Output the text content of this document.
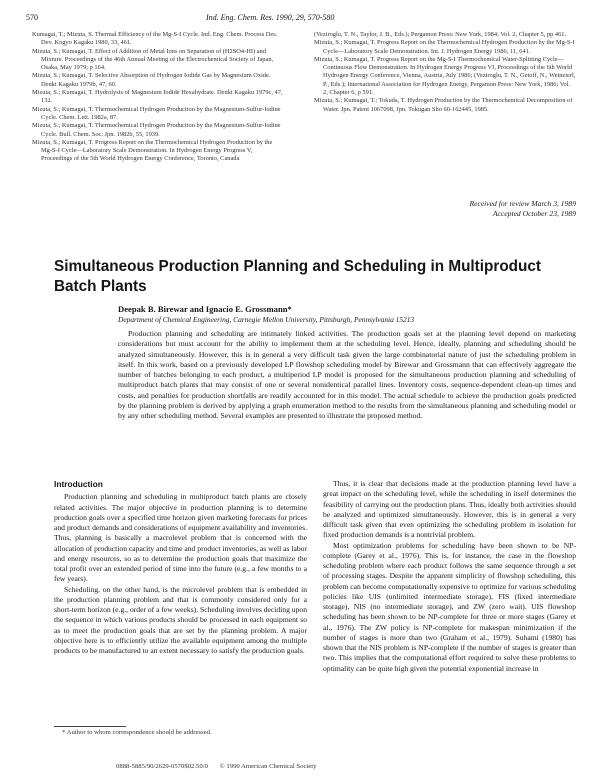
570	Ind. Eng. Chem. Res. 1990, 29, 570-580
Kumagai, T.; Mizuta, S. Thermal Efficiency of the Mg-S-I Cycle. Ind. Eng. Chem. Process Des. Dev. Kogyo Kagaku 1980, 33, 461.
Mizuta, S.; Kumagai, T. Effect of Addition of Metal Ions on Separation of (H2SO4-HI) and Mixture. Proceedings of the 46th Annual Meeting of the Electrochemical Society of Japan, Osaka, May 1979; p 164.
Mizuta, S.; Kumagai, T. Selective Absorption of Hydrogen Iodide Gas by Magnesium Oxide. Denki Kagaku 1979b, 47, 60.
Mizuta, S.; Kumagai, T. Hydrolysis of Magnesium Iodide Hexahydrate. Denki Kagaku 1979c, 47, 132.
Mizuta, S.; Kumagai, T. Thermochemical Hydrogen Production by the Magnesium-Sulfur-Iodine Cycle. Chem. Lett. 1982a, 87.
Mizuta, S.; Kumagai, T. Thermochemical Hydrogen Production by the Magnesium-Sulfur-Iodine Cycle. Bull. Chem. Soc. Jpn. 1982b, 55, 1939.
Mizuta, S.; Kumagai, T. Progress Report on the Thermochemical Hydrogen Production by the Mg-S-I Cycle—Laboratory Scale Demonstration. In Hydrogen Energy Progress V, Proceedings of the 5th World Hydrogen Energy Conference, Toronto, Canada
(Veziroglu, T. N., Taylor, J. B., Eds.); Pergamon Press: New York, 1984; Vol. 2, Chapter 5, pp 461.
Mizuta, S.; Kumagai, T. Progress Report on the Thermochemical Hydrogen Production by the Mg-S-I Cycle—Laboratory Scale Demonstration. Int. J. Hydrogen Energy 1986, 11, 641.
Mizuta, S.; Kumagai, T. Progress Report on the Mg-S-I Thermochemical Water-Splitting Cycle—Continuous Flow Demonstration. In Hydrogen Energy Progress VI, Proceedings of the 6th World Hydrogen Energy Conference, Vienna, Austria, July 1986; (Veziroglu, T. N., Getoff, N., Weinzierl, P., Eds.); International Association for Hydrogen Energy, Pergamon Press: New York, 1986; Vol. 2, Chapter 6, p 591.
Mizuta, S.; Kumagai, T.; Tokuda, T. Hydrogen Production by the Thermochemical Decomposition of Water. Jpn. Patent 1067098, Jpn. Tokugan Sho 60-162445, 1985.
Received for review March 3, 1989
Accepted October 23, 1989
Simultaneous Production Planning and Scheduling in Multiproduct Batch Plants
Deepak B. Birewar and Ignacio E. Grossmann*
Department of Chemical Engineering, Carnegie Mellon University, Pittsburgh, Pennsylvania 15213

Production planning and scheduling are intimately linked activities. The production goals set at the planning level depend on marketing considerations but must account for the ability to implement them at the scheduling level. Hence, ideally, planning and scheduling should be analyzed simultaneously. However, this is in general a very difficult task given the large combinatorial nature of just the scheduling problem in itself. In this work, based on a previously developed LP flowshop scheduling model by Birewar and Grossmann that can effectively aggregate the number of batches belonging to each product, a multiperiod LP model is proposed for the simultaneous production planning and scheduling of multiproduct batch plants that may consist of one or several nonidentical parallel lines. Inventory costs, sequence-dependent clean-up times and costs, and penalties for production shortfalls are readily accounted for in this model. The actual schedule to achieve the production goals predicted by the planning problem is derived by applying a graph enumeration method to the results from the simultaneous planning and scheduling model or by any other scheduling method. Several examples are presented to illustrate the proposed method.

Introduction

Production planning and scheduling in multiproduct batch plants are closely related activities. The major objective in production planning is to determine production goals over a specified time horizon given marketing forecasts for prices and product demands and considerations of equipment availability and inventories. Thus, planning is basically a macrolevel problem that is concerned with the allocation of production capacity and time and product inventories, as well as labor and energy resources, so as to determine the production goals that maximize the total profit over an extended period of time into the future (e.g., a few months to a few years).

Scheduling, on the other hand, is the microlevel problem that is embedded in the production planning problem and that is commonly considered only for a short-term horizon (e.g., order of a few weeks). Scheduling involves deciding upon the sequence in which various products should be processed in each equipment so as to meet the production goals that are set by the planning problem. A major objective here is to efficiently utilize the available equipment among the multiple products to be manufactured to an extent necessary to satisfy the production goals.

Thus, it is clear that decisions made at the production planning level have a great impact on the scheduling level, while the scheduling in itself determines the feasibility of carrying out the production plans. Thus, ideally both activities should be analyzed and optimized simultaneously. However, this is in general a very difficult task given that even optimizing the scheduling problem in isolation for fixed production demands is a nontrivial problem.

Most optimization problems for scheduling have been shown to be NP-complete (Garey et al., 1976). This is, for instance, the case in the flowshop scheduling problem where each product follows the same sequence through a set of processing stages. Despite the apparent simplicity of flowshop scheduling, this problem can become computationally expensive to optimize for various scheduling policies like UIS (unlimited intermediate storage), FIS (fixed intermediate storage), NIS (no intermediate storage), and ZW (zero wait). UIS flowshop scheduling has been shown to be NP-complete for three or more stages (Garey et al., 1976). The ZW policy is NP-complete for makespan minimization if the number of stages is more than two (Graham et al., 1979). Suhami (1980) has shown that the NIS problem is NP-complete if the number of stages is greater than two. This implies that the computational effort required to solve these problems to optimality can be quite high given the potential exponential increase in

* Author to whom correspondence should be addressed.
0888-5885/90/2629-0570$02.50/0 © 1990 American Chemical Society
